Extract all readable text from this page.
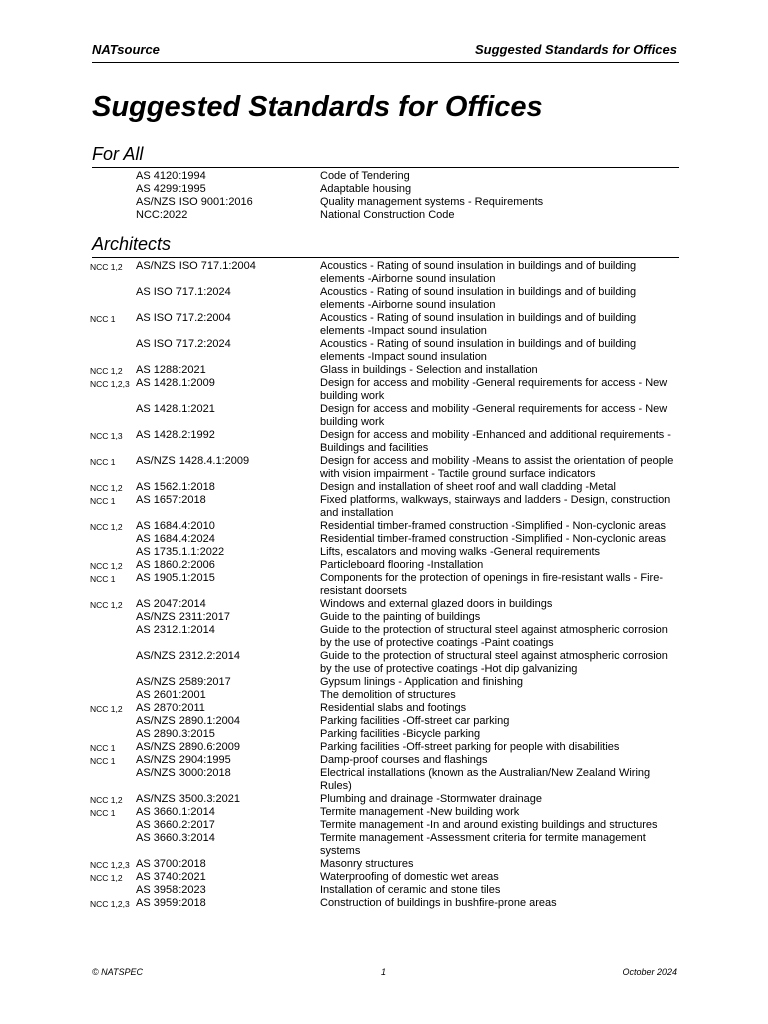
NATsource	Suggested Standards for Offices
Suggested Standards for Offices
For All
AS 4120:1994	Code of Tendering
AS 4299:1995	Adaptable housing
AS/NZS ISO 9001:2016	Quality management systems - Requirements
NCC:2022	National Construction Code
Architects
NCC 1,2 AS/NZS ISO 717.1:2004	Acoustics - Rating of sound insulation in buildings and of building elements -Airborne sound insulation
AS ISO 717.1:2024	Acoustics - Rating of sound insulation in buildings and of building elements -Airborne sound insulation
NCC 1 AS ISO 717.2:2004	Acoustics - Rating of sound insulation in buildings and of building elements -Impact sound insulation
AS ISO 717.2:2024	Acoustics - Rating of sound insulation in buildings and of building elements -Impact sound insulation
NCC 1,2 AS 1288:2021	Glass in buildings - Selection and installation
NCC 1,2,3 AS 1428.1:2009	Design for access and mobility -General requirements for access - New building work
AS 1428.1:2021	Design for access and mobility -General requirements for access - New building work
NCC 1,3 AS 1428.2:1992	Design for access and mobility -Enhanced and additional requirements - Buildings and facilities
NCC 1 AS/NZS 1428.4.1:2009	Design for access and mobility -Means to assist the orientation of people with vision impairment - Tactile ground surface indicators
NCC 1,2 AS 1562.1:2018	Design and installation of sheet roof and wall cladding -Metal
NCC 1 AS 1657:2018	Fixed platforms, walkways, stairways and ladders - Design, construction and installation
NCC 1,2 AS 1684.4:2010	Residential timber-framed construction -Simplified - Non-cyclonic areas
AS 1684.4:2024	Residential timber-framed construction -Simplified - Non-cyclonic areas
AS 1735.1.1:2022	Lifts, escalators and moving walks -General requirements
NCC 1,2 AS 1860.2:2006	Particleboard flooring -Installation
NCC 1 AS 1905.1:2015	Components for the protection of openings in fire-resistant walls - Fire-resistant doorsets
NCC 1,2 AS 2047:2014	Windows and external glazed doors in buildings
AS/NZS 2311:2017	Guide to the painting of buildings
AS 2312.1:2014	Guide to the protection of structural steel against atmospheric corrosion by the use of protective coatings -Paint coatings
AS/NZS 2312.2:2014	Guide to the protection of structural steel against atmospheric corrosion by the use of protective coatings -Hot dip galvanizing
AS/NZS 2589:2017	Gypsum linings - Application and finishing
AS 2601:2001	The demolition of structures
NCC 1,2 AS 2870:2011	Residential slabs and footings
AS/NZS 2890.1:2004	Parking facilities -Off-street car parking
AS 2890.3:2015	Parking facilities -Bicycle parking
NCC 1 AS/NZS 2890.6:2009	Parking facilities -Off-street parking for people with disabilities
NCC 1 AS/NZS 2904:1995	Damp-proof courses and flashings
AS/NZS 3000:2018	Electrical installations (known as the Australian/New Zealand Wiring Rules)
NCC 1,2 AS/NZS 3500.3:2021	Plumbing and drainage -Stormwater drainage
NCC 1 AS 3660.1:2014	Termite management -New building work
AS 3660.2:2017	Termite management -In and around existing buildings and structures
AS 3660.3:2014	Termite management -Assessment criteria for termite management systems
NCC 1,2,3 AS 3700:2018	Masonry structures
NCC 1,2 AS 3740:2021	Waterproofing of domestic wet areas
AS 3958:2023	Installation of ceramic and stone tiles
NCC 1,2,3 AS 3959:2018	Construction of buildings in bushfire-prone areas
© NATSPEC	1	October 2024
